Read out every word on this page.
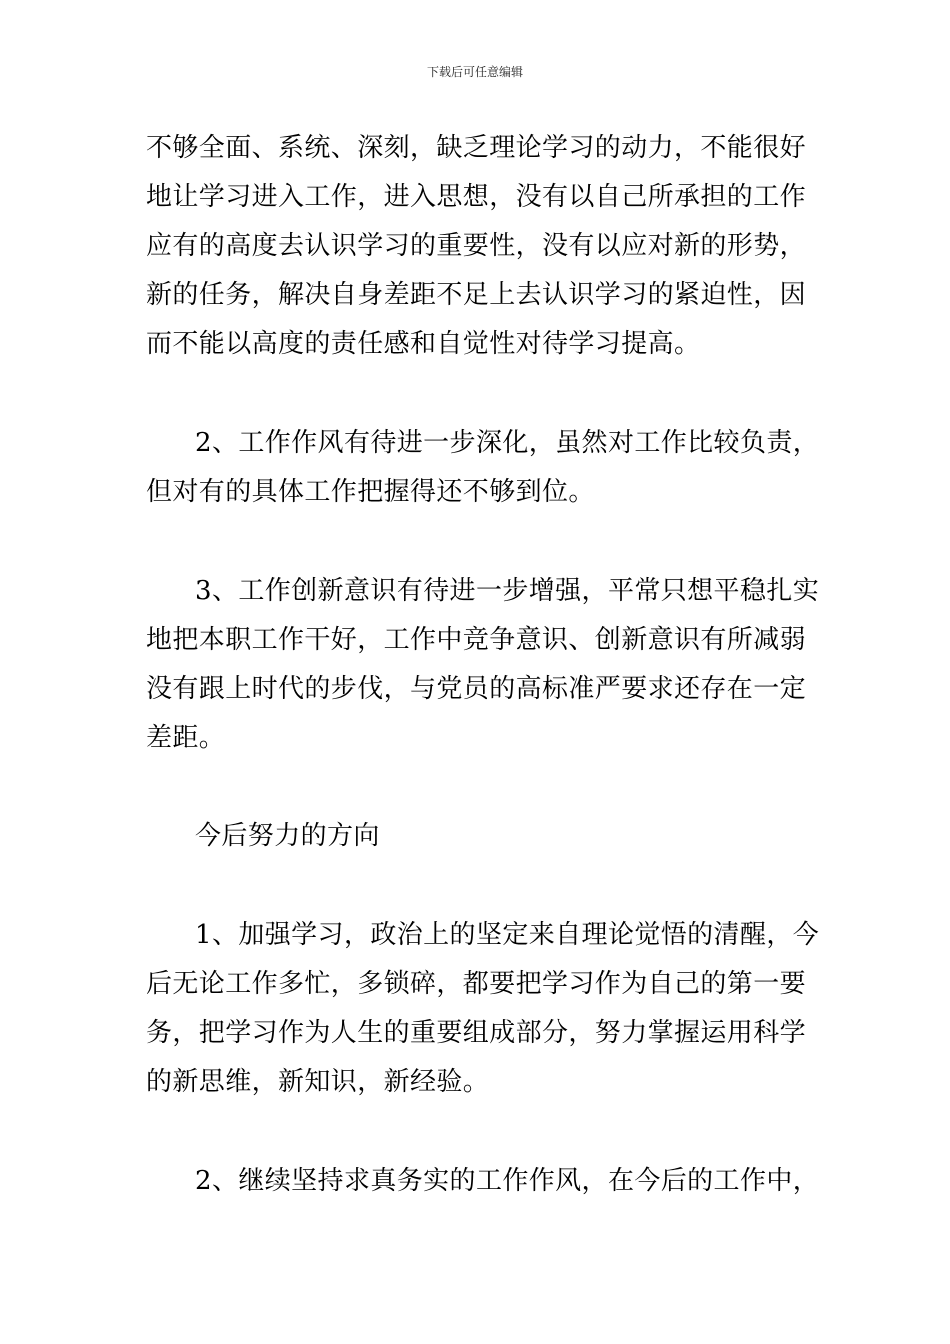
下载后可任意编辑
不够全面、系统、深刻，缺乏理论学习的动力，不能很好
地让学习进入工作，进入思想，没有以自己所承担的工作
应有的高度去认识学习的重要性，没有以应对新的形势，
新的任务，解决自身差距不足上去认识学习的紧迫性，因
而不能以高度的责任感和自觉性对待学习提高。
2、工作作风有待进一步深化，虽然对工作比较负责，
但对有的具体工作把握得还不够到位。
3、工作创新意识有待进一步增强，平常只想平稳扎实
地把本职工作干好，工作中竞争意识、创新意识有所减弱
没有跟上时代的步伐，与党员的高标准严要求还存在一定
差距。
今后努力的方向
1、加强学习，政治上的坚定来自理论觉悟的清醒，今
后无论工作多忙，多锁碎，都要把学习作为自己的第一要
务，把学习作为人生的重要组成部分，努力掌握运用科学
的新思维，新知识，新经验。
2、继续坚持求真务实的工作作风，在今后的工作中，
